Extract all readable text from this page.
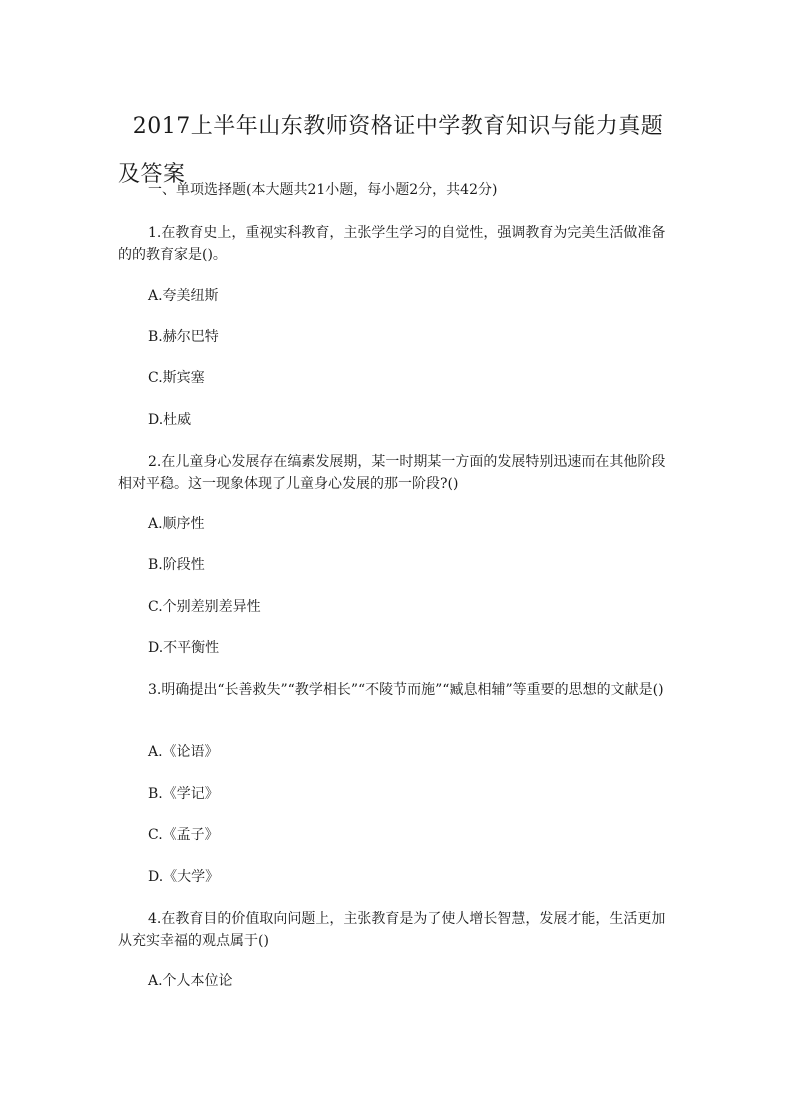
2017上半年山东教师资格证中学教育知识与能力真题
及答案
一、单项选择题(本大题共21小题，每小题2分，共42分)
1.在教育史上，重视实科教育，主张学生学习的自觉性，强调教育为完美生活做准备的的教育家是()。
A.夸美纽斯
B.赫尔巴特
C.斯宾塞
D.杜威
2.在儿童身心发展存在缟素发展期，某一时期某一方面的发展特别迅速而在其他阶段相对平稳。这一现象体现了儿童身心发展的那一阶段?()
A.顺序性
B.阶段性
C.个别差别差异性
D.不平衡性
3.明确提出“长善救失”“教学相长”“不陵节而施”“臧息相辅”等重要的思想的文献是()
A.《论语》
B.《学记》
C.《孟子》
D.《大学》
4.在教育目的价值取向问题上，主张教育是为了使人增长智慧，发展才能，生活更加从充实幸福的观点属于()
A.个人本位论
